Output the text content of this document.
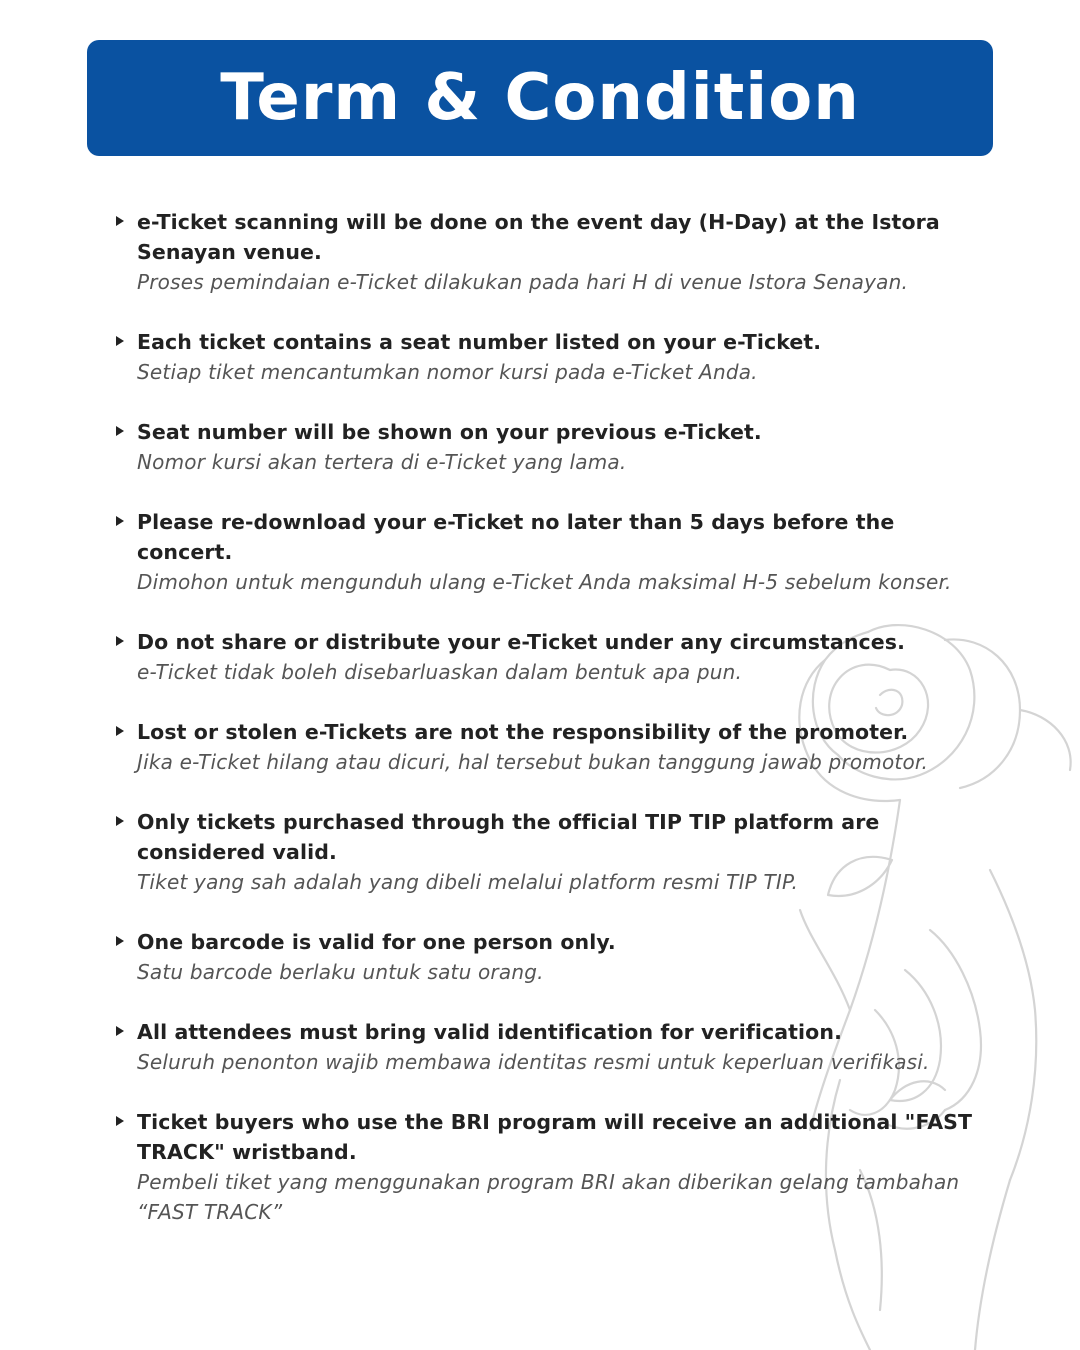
Term & Condition
e-Ticket scanning will be done on the event day (H-Day) at the Istora Senayan venue.
Proses pemindaian e-Ticket dilakukan pada hari H di venue Istora Senayan.
Each ticket contains a seat number listed on your e-Ticket.
Setiap tiket mencantumkan nomor kursi pada e-Ticket Anda.
Seat number will be shown on your previous e-Ticket.
Nomor kursi akan tertera di e-Ticket yang lama.
Please re-download your e-Ticket no later than 5 days before the concert.
Dimohon untuk mengunduh ulang e-Ticket Anda maksimal H-5 sebelum konser.
Do not share or distribute your e-Ticket under any circumstances.
e-Ticket tidak boleh disebarluaskan dalam bentuk apa pun.
Lost or stolen e-Tickets are not the responsibility of the promoter.
Jika e-Ticket hilang atau dicuri, hal tersebut bukan tanggung jawab promotor.
Only tickets purchased through the official TIP TIP platform are considered valid.
Tiket yang sah adalah yang dibeli melalui platform resmi TIP TIP.
One barcode is valid for one person only.
Satu barcode berlaku untuk satu orang.
All attendees must bring valid identification for verification.
Seluruh penonton wajib membawa identitas resmi untuk keperluan verifikasi.
Ticket buyers who use the BRI program will receive an additional "FAST TRACK" wristband.
Pembeli tiket yang menggunakan program BRI akan diberikan gelang tambahan “FAST TRACK”
